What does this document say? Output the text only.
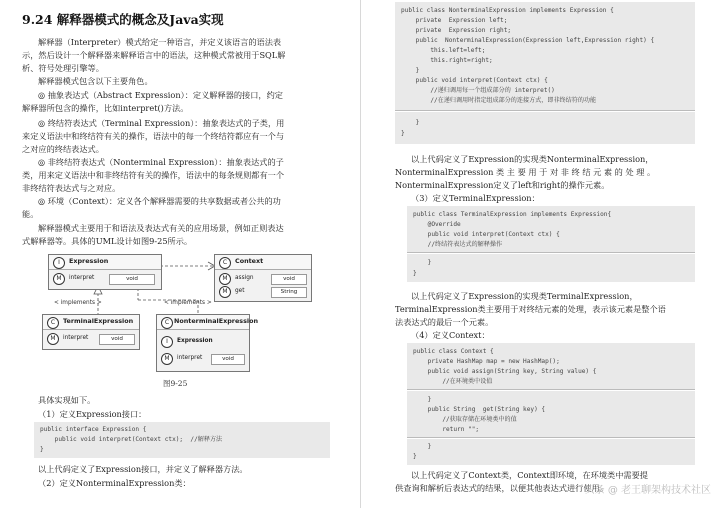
9.24 解释器模式的概念及Java实现
解释器（Interpreter）模式给定一种语言，并定义该语言的语法表
示，然后设计一个解释器来解释语言中的语法，这种模式常被用于SQL解
析、符号处理引擎等。
解释器模式包含以下主要角色。
◎ 抽象表达式（Abstract Expression）：定义解释器的接口，约定
解释器所包含的操作，比如interpret()方法。
◎ 终结符表达式（Terminal Expression）：抽象表达式的子类，用
来定义语法中和终结符有关的操作，语法中的每一个终结符都应有一个与
之对应的终结表达式。
◎ 非终结符表达式（Nonterminal Expression）：抽象表达式的子
类，用来定义语法中和非终结符有关的操作，语法中的每条规则都有一个
非终结符表达式与之对应。
◎ 环境（Context）：定义各个解释器需要的共享数据或者公共的功
能。
解释器模式主要用于和语法及表达式有关的应用场景，例如正则表达
式解释器等。具体的UML设计如图9-25所示。
I	Expression
M	interpret	void
C	Context
M	assign	void
M	get	String
< implements >	< implements >
C	TerminalExpression
M	interpret	void
C NonterminalExpression
I	Expression
M	interpret	void
图9-25
具体实现如下。
（1）定义Expression接口：
public interface Expression {
public void interpret(Context ctx);  //解释方法
}
以上代码定义了Expression接口，并定义了解释器方法。
（2）定义NonterminalExpression类：
public class NonterminalExpression implements Expression {
private  Expression left;
private  Expression right;
public  NonterminalExpression(Expression left,Expression right) {
this.left=left;
this.right=right;
}
public void interpret(Context ctx) {
//递归调用每一个组成部分的 interpret()
//在递归调用时指定组成部分的连接方式，即非终结符的功能
}
}
以上代码定义了Expression的实现类NonterminalExpression，
NonterminalExpression 类 主 要 用 于 对 非 终 结 元 素 的 处 理 。
NonterminalExpression定义了left和right的操作元素。
（3）定义TerminalExpression：
public class TerminalExpression implements Expression{
@Override
public void interpret(Context ctx) {
//终结符表达式的解释操作
}
}
以上代码定义了Expression的实现类TerminalExpression，
TerminalExpression类主要用于对终结元素的处理，表示该元素是整个语
法表达式的最后一个元素。
（4）定义Context：
public class Context {
private HashMap map = new HashMap();
public void assign(String key, String value) {
//在环境类中设值
}
public String  get(String key) {
//获取存储在环境类中的值
return "";
}
}
以上代码定义了Context类，Context即环境，在环境类中需要提
供查询和解析后表达式的结果，以便其他表达式进行使用。
头条 @ 老王聊架构技术社区
